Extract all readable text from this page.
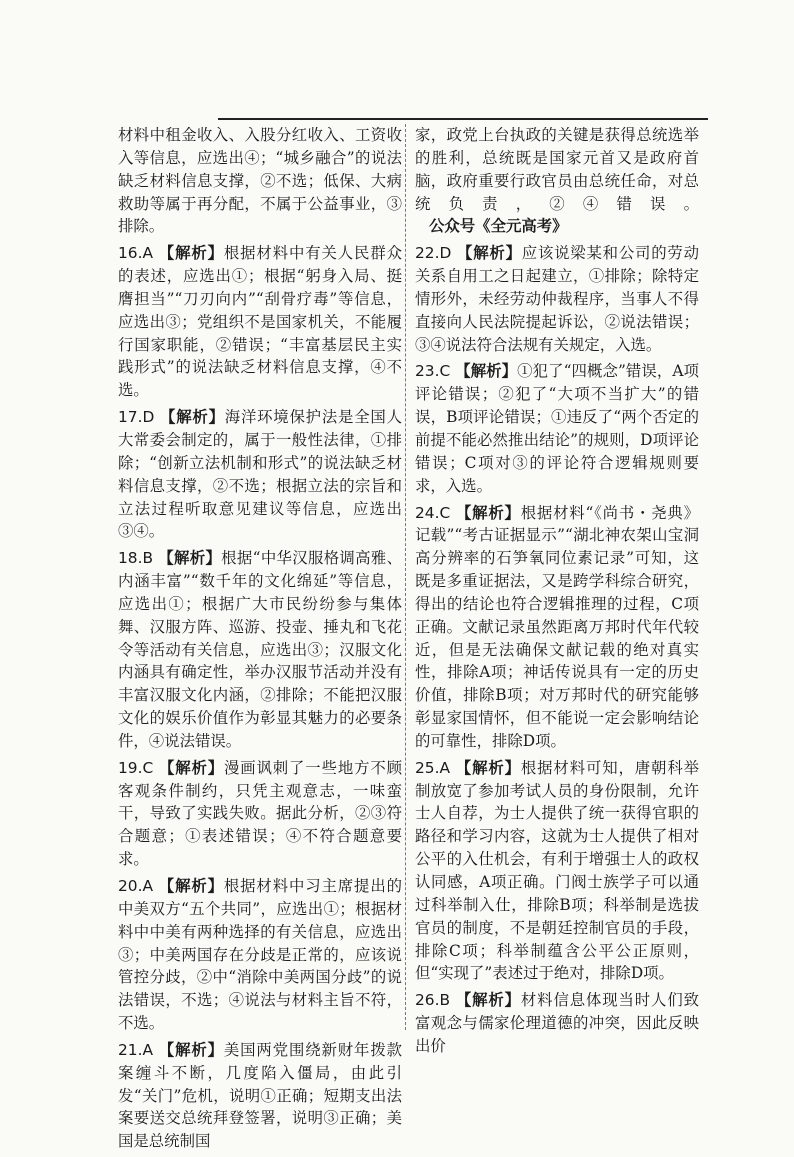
材料中租金收入、入股分红收入、工资收入等信息，应选出④；“城乡融合”的说法缺乏材料信息支撑，②不选；低保、大病救助等属于再分配，不属于公益事业，③排除。

16.A 【解析】根据材料中有关人民群众的表述，应选出①；根据“躬身入局、挺膺担当”“刀刃向内”“刮骨疗毒”等信息，应选出③；党组织不是国家机关，不能履行国家职能，②错误；“丰富基层民主实践形式”的说法缺乏材料信息支撑，④不选。

17.D 【解析】海洋环境保护法是全国人大常委会制定的，属于一般性法律，①排除；“创新立法机制和形式”的说法缺乏材料信息支撑，②不选；根据立法的宗旨和立法过程听取意见建议等信息，应选出③④。

18.B 【解析】根据“中华汉服格调高雅、内涵丰富”“数千年的文化绵延”等信息，应选出①；根据广大市民纷纷参与集体舞、汉服方阵、巡游、投壶、捶丸和飞花令等活动有关信息，应选出③；汉服文化内涵具有确定性，举办汉服节活动并没有丰富汉服文化内涵，②排除；不能把汉服文化的娱乐价值作为彰显其魅力的必要条件，④说法错误。

19.C 【解析】漫画讽刺了一些地方不顾客观条件制约，只凭主观意志，一味蛮干，导致了实践失败。据此分析，②③符合题意；①表述错误；④不符合题意要求。

20.A 【解析】根据材料中习主席提出的中美双方“五个共同”，应选出①；根据材料中中美有两种选择的有关信息，应选出③；中美两国存在分歧是正常的，应该说管控分歧，②中“消除中美两国分歧”的说法错误，不选；④说法与材料主旨不符，不选。

21.A 【解析】美国两党围绕新财年拨款案缠斗不断，几度陷入僵局，由此引发“关门”危机，说明①正确；短期支出法案要送交总统拜登签署，说明③正确；美国是总统制国

家，政党上台执政的关键是获得总统选举的胜利，总统既是国家元首又是政府首脑，政府重要行政官员由总统任命，对总统负责，②④错误。公众号《全元高考》

22.D 【解析】应该说梁某和公司的劳动关系自用工之日起建立，①排除；除特定情形外，未经劳动仲裁程序，当事人不得直接向人民法院提起诉讼，②说法错误；③④说法符合法规有关规定，入选。

23.C 【解析】①犯了“四概念”错误，A项评论错误；②犯了“大项不当扩大”的错误，B项评论错误；①违反了“两个否定的前提不能必然推出结论”的规则，D项评论错误；C项对③的评论符合逻辑规则要求，入选。

24.C 【解析】根据材料“《尚书・尧典》记载”“考古证据显示”“湖北神农架山宝洞高分辨率的石笋氧同位素记录”可知，这既是多重证据法，又是跨学科综合研究，得出的结论也符合逻辑推理的过程，C项正确。文献记录虽然距离万邦时代年代较近，但是无法确保文献记载的绝对真实性，排除A项；神话传说具有一定的历史价值，排除B项；对万邦时代的研究能够彰显家国情怀，但不能说一定会影响结论的可靠性，排除D项。

25.A 【解析】根据材料可知，唐朝科举制放宽了参加考试人员的身份限制，允许士人自荐，为士人提供了统一获得官职的路径和学习内容，这就为士人提供了相对公平的入仕机会，有利于增强士人的政权认同感，A项正确。门阀士族学子可以通过科举制入仕，排除B项；科举制是选拔官员的制度，不是朝廷控制官员的手段，排除C项；科举制蕴含公平公正原则，但“实现了”表述过于绝对，排除D项。

26.B 【解析】材料信息体现当时人们致富观念与儒家伦理道德的冲突，因此反映出价
